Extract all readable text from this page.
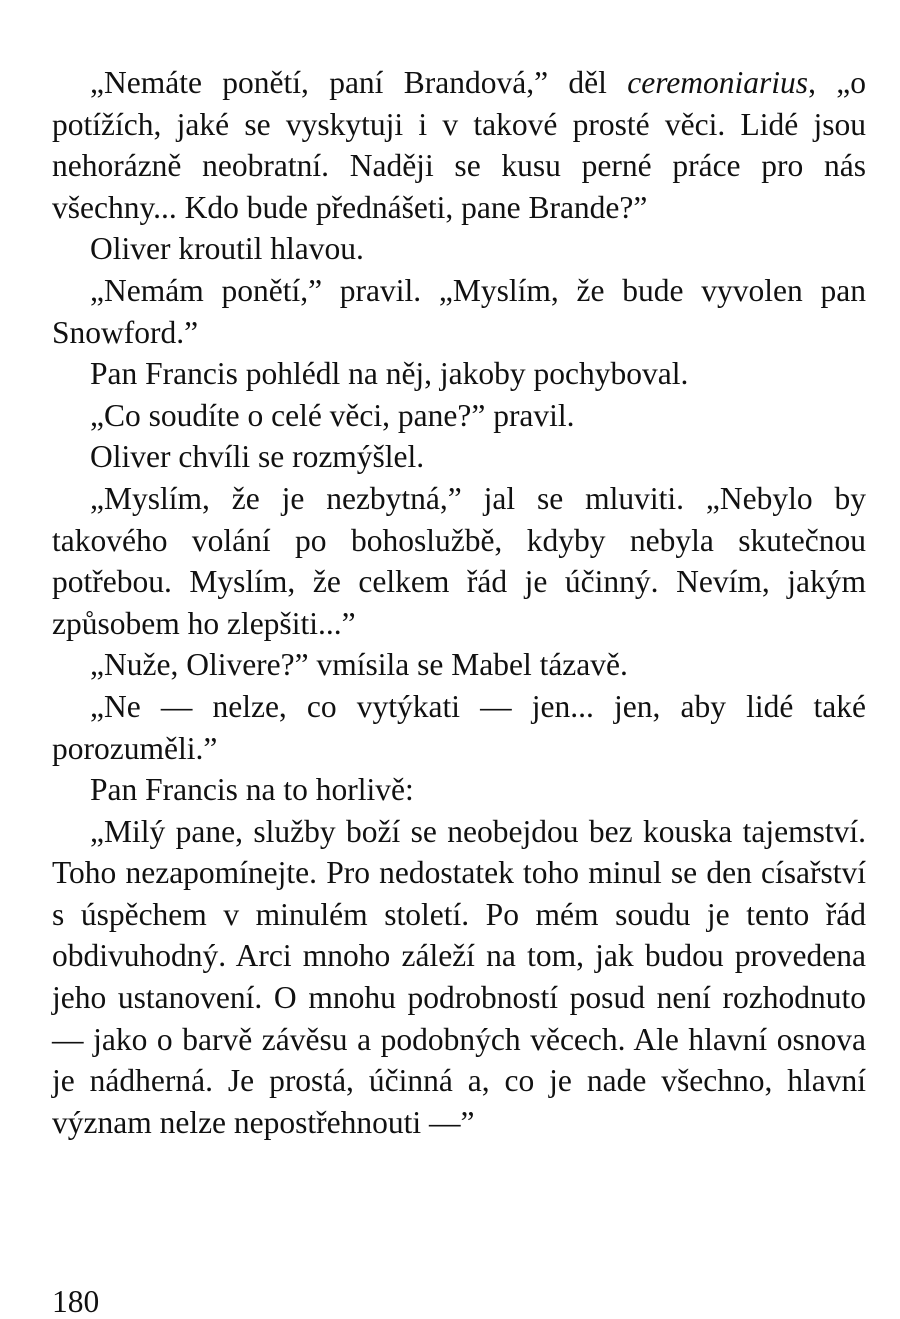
„Nemáte ponětí, paní Brandová,” děl ceremoniarius, „o potížích, jaké se vyskytuji i v takové prosté věci. Lidé jsou nehorázně neobratní. Naději se kusu perné práce pro nás všechny... Kdo bude přednášeti, pane Brande?”

Oliver kroutil hlavou.

„Nemám ponětí,” pravil. „Myslím, že bude vyvolen pan Snowford.”

Pan Francis pohlédl na něj, jakoby pochyboval.

„Co soudíte o celé věci, pane?” pravil.

Oliver chvíli se rozmýšlel.

„Myslím, že je nezbytná,” jal se mluviti. „Nebylo by takového volání po bohoslužbě, kdyby nebyla skutečnou potřebou. Myslím, že celkem řád je účinný. Nevím, jakým způsobem ho zlepšiti...”

„Nuže, Olivere?” vmísila se Mabel tázavě.

„Ne — nelze, co vytýkati — jen... jen, aby lidé také porozuměli.”

Pan Francis na to horlivě:

„Milý pane, služby boží se neobejdou bez kouska tajemství. Toho nezapomínejte. Pro nedostatek toho minul se den císařství s úspěchem v minulém století. Po mém soudu je tento řád obdivuhodný. Arci mnoho záleží na tom, jak budou provedena jeho ustanovení. O mnohu podrobností posud není rozhodnuto — jako o barvě závěsu a podobných věcech. Ale hlavní osnova je nádherná. Je prostá, účinná a, co je nade všechno, hlavní význam nelze nepostřehnouti —”

180
